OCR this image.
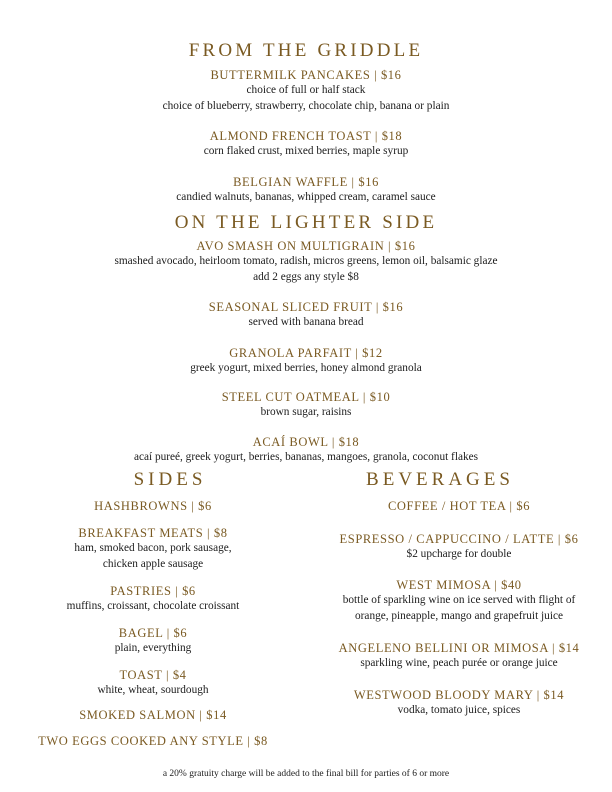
FROM THE GRIDDLE
BUTTERMILK PANCAKES | $16
choice of full or half stack
choice of blueberry, strawberry, chocolate chip, banana or plain
ALMOND FRENCH TOAST | $18
corn flaked crust, mixed berries, maple syrup
BELGIAN WAFFLE | $16
candied walnuts, bananas, whipped cream, caramel sauce
ON THE LIGHTER SIDE
AVO SMASH ON MULTIGRAIN | $16
smashed avocado, heirloom tomato, radish, micros greens, lemon oil, balsamic glaze
add 2 eggs any style $8
SEASONAL SLICED FRUIT | $16
served with banana bread
GRANOLA PARFAIT | $12
greek yogurt, mixed berries, honey almond granola
STEEL CUT OATMEAL | $10
brown sugar, raisins
ACAÍ BOWL | $18
acaí pureé, greek yogurt, berries, bananas, mangoes, granola, coconut flakes
SIDES
HASHBROWNS | $6
BREAKFAST MEATS | $8
ham, smoked bacon, pork sausage,
chicken apple sausage
PASTRIES | $6
muffins, croissant, chocolate croissant
BAGEL | $6
plain, everything
TOAST | $4
white, wheat, sourdough
SMOKED SALMON | $14
TWO EGGS COOKED ANY STYLE | $8
BEVERAGES
COFFEE / HOT TEA | $6
ESPRESSO / CAPPUCCINO / LATTE | $6
$2 upcharge for double
WEST MIMOSA | $40
bottle of sparkling wine on ice served with flight of
orange, pineapple, mango and grapefruit juice
ANGELENO BELLINI OR MIMOSA | $14
sparkling wine, peach purée or orange juice
WESTWOOD BLOODY MARY | $14
vodka, tomato juice, spices
a 20% gratuity charge will be added to the final bill for parties of 6 or more
